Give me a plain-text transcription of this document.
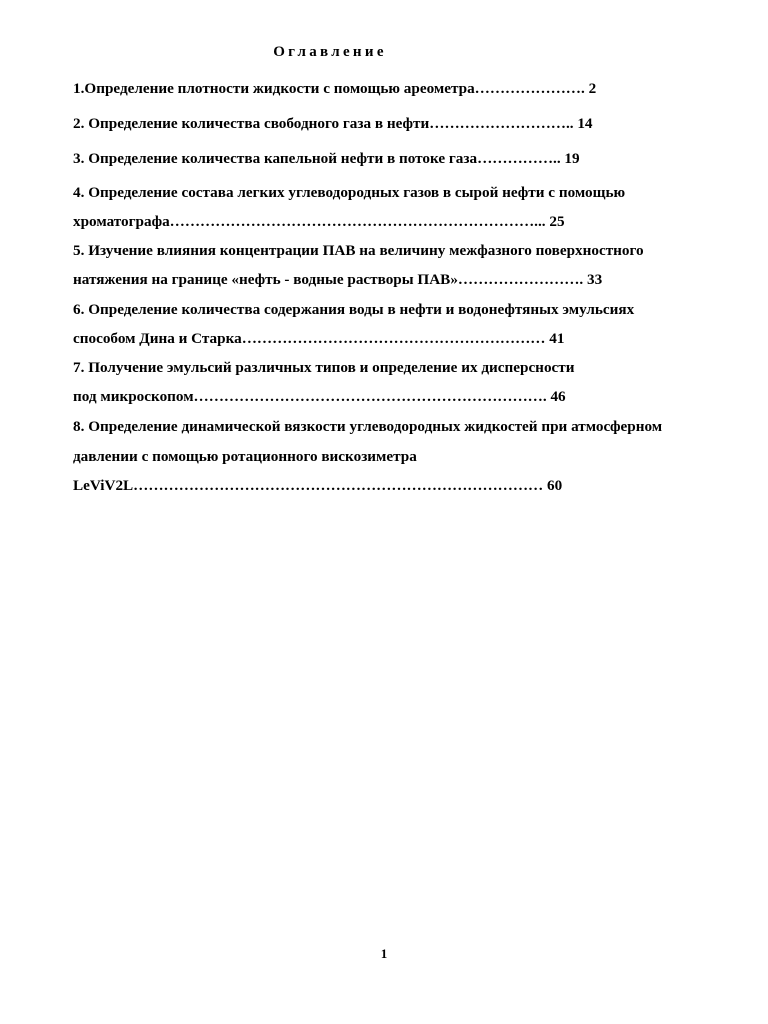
Оглавление
1.Определение плотности жидкости с помощью ареометра…………………. 2
2. Определение количества свободного газа в нефти……………………….. 14
3. Определение количества капельной нефти в потоке газа…………….. 19
4. Определение состава легких углеводородных газов в сырой нефти с помощью
хроматографа………………………………………………………………... 25
5. Изучение влияния концентрации ПАВ на величину межфазного поверхностного
натяжения на границе «нефть - водные растворы ПАВ»……………………. 33
6. Определение количества содержания воды в нефти и водонефтяных эмульсиях
способом Дина и Старка…………………………………………………… 41
7. Получение эмульсий различных типов и определение их дисперсности
под микроскопом……………………………………………………………. 46
8. Определение динамической вязкости углеводородных жидкостей при атмосферном
давлении с помощью ротационного вискозиметра
LeViV2L……………………………………………………………………… 60
1
